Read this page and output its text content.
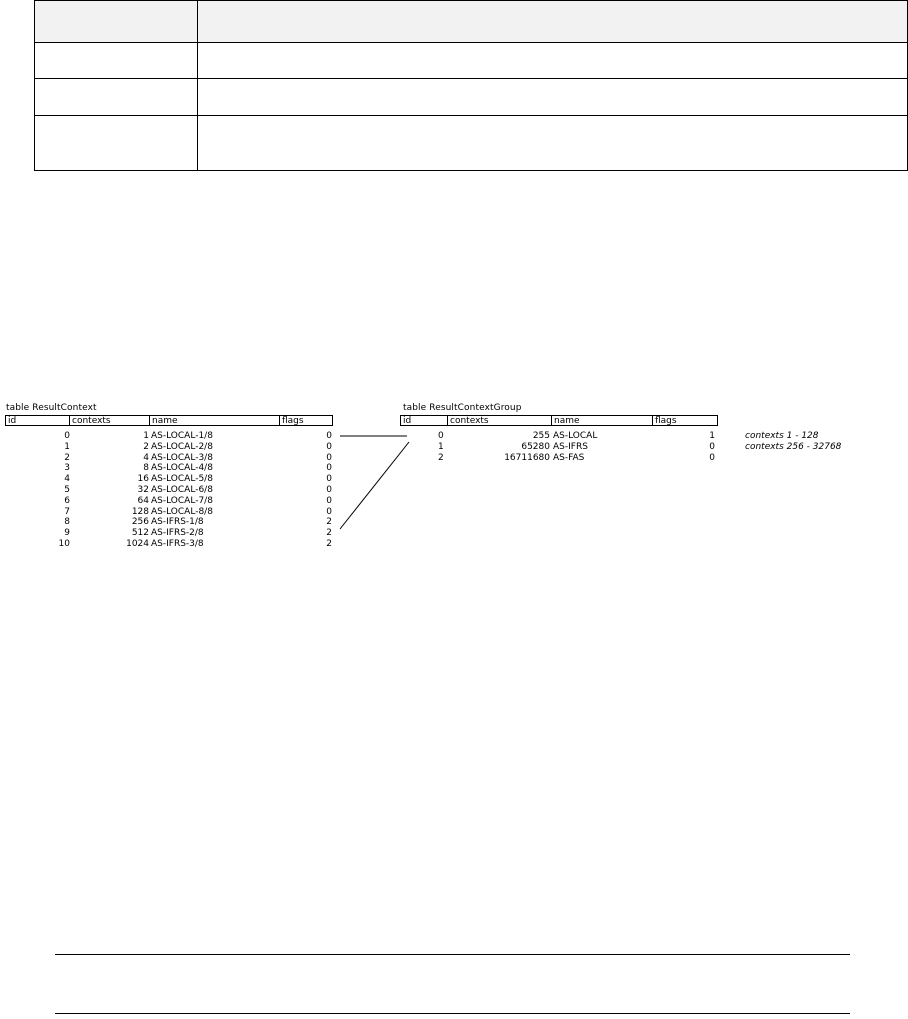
table ResultContext
id	contexts	name	flags
0	1 AS-LOCAL-1/8	0
1	2 AS-LOCAL-2/8	0
2	4 AS-LOCAL-3/8	0
3	8 AS-LOCAL-4/8	0
4	16 AS-LOCAL-5/8	0
5	32 AS-LOCAL-6/8	0
6	64 AS-LOCAL-7/8	0
7	128 AS-LOCAL-8/8	0
8	256 AS-IFRS-1/8	2
9	512 AS-IFRS-2/8	2
10	1024 AS-IFRS-3/8	2
table ResultContextGroup
id	contexts	name	flags
0	255 AS-LOCAL	1
1	65280 AS-IFRS	0
2	16711680 AS-FAS	0
contexts 1 - 128
contexts 256 - 32768
